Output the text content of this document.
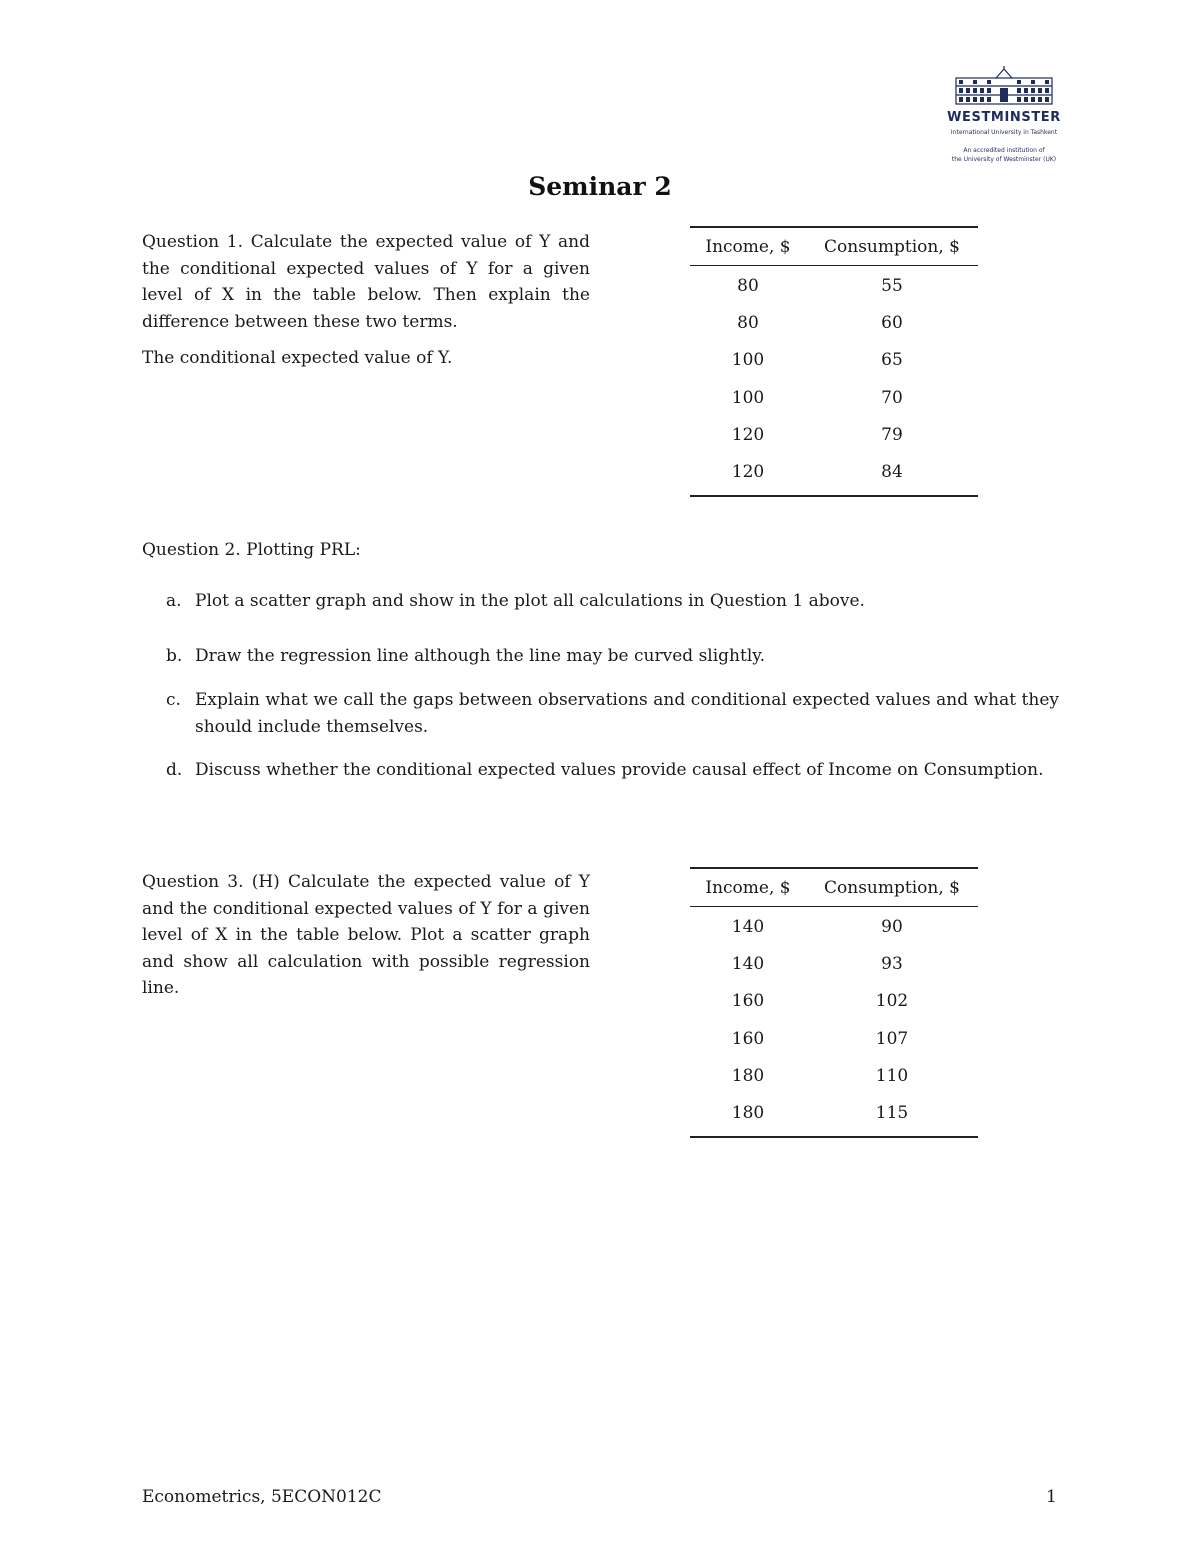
WESTMINSTER
International University in Tashkent
An accredited institution of
the University of Westminster (UK)
Seminar 2
Question 1. Calculate the expected value of Y and the conditional expected values of Y for a given level of X in the table below. Then explain the difference between these two terms.
The conditional expected value of Y.
Income, $	Consumption, $
80	55
80	60
100	65
100	70
120	79
120	84
Question 2. Plotting PRL:
a. Plot a scatter graph and show in the plot all calculations in Question 1 above.
b. Draw the regression line although the line may be curved slightly.
c. Explain what we call the gaps between observations and conditional expected values and what they should include themselves.
d. Discuss whether the conditional expected values provide causal effect of Income on Consumption.
Question 3. (H) Calculate the expected value of Y and the conditional expected values of Y for a given level of X in the table below. Plot a scatter graph and show all calculation with possible regression line.
Income, $	Consumption, $
140	90
140	93
160	102
160	107
180	110
180	115
Econometrics, 5ECON012C	1
